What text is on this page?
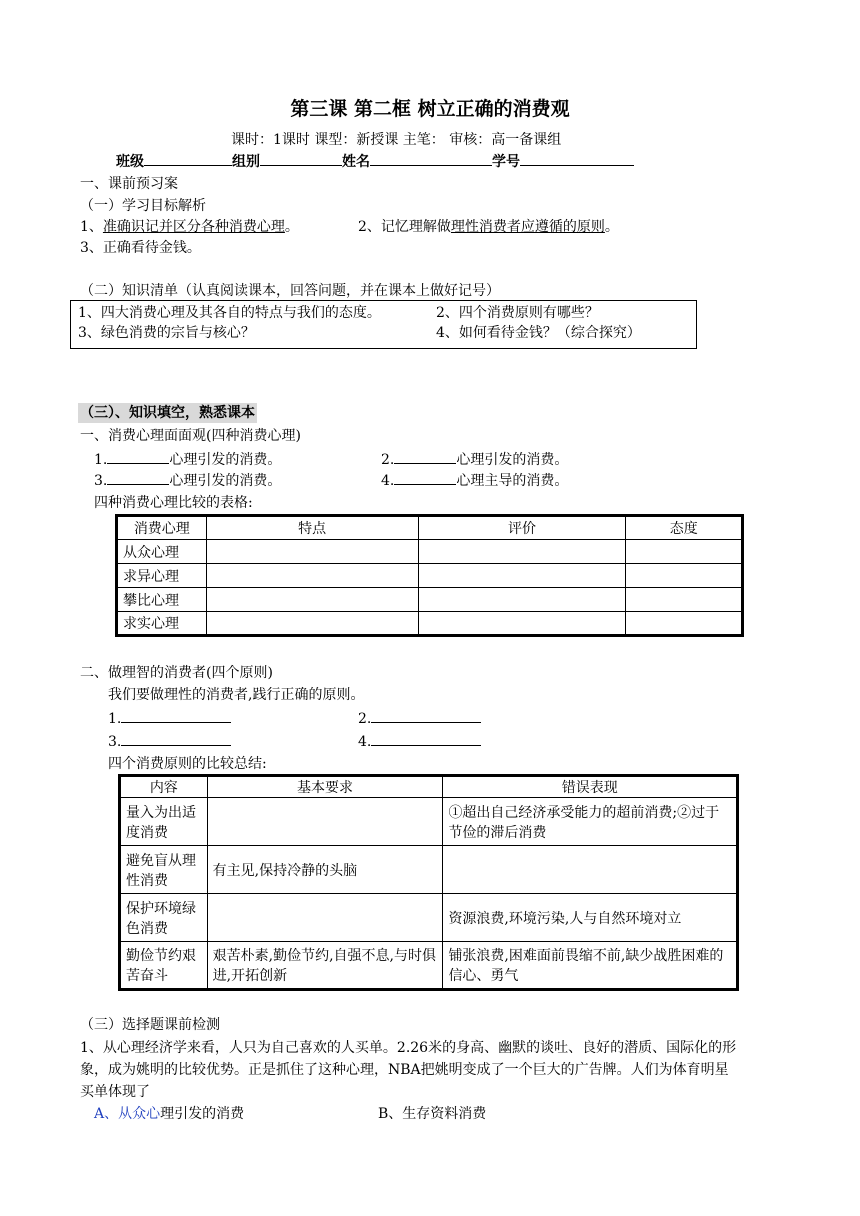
第三课 第二框 树立正确的消费观
课时：1课时 课型：新授课 主笔： 审核：高一备课组
班级	组别	姓名	学号
一、课前预习案
（一）学习目标解析
1、准确识记并区分各种消费心理。	2、记忆理解做理性消费者应遵循的原则。
3、正确看待金钱。
（二）知识清单（认真阅读课本，回答问题，并在课本上做好记号）
1、四大消费心理及其各自的特点与我们的态度。	2、四个消费原则有哪些？
3、绿色消费的宗旨与核心？	4、如何看待金钱？（综合探究）
（三）、知识填空，熟悉课本
一、消费心理面面观(四种消费心理)
1.	心理引发的消费。	2.	心理引发的消费。
3.	心理引发的消费。	4.	心理主导的消费。
四种消费心理比较的表格:
消费心理	特点	评价	态度
从众心理			
求异心理			
攀比心理			
求实心理			
二、做理智的消费者(四个原则)
我们要做理性的消费者,践行正确的原则。
1.	2.
3.	4.
四个消费原则的比较总结:
内容	基本要求	错误表现
量入为出适度消费		①超出自己经济承受能力的超前消费;②过于节俭的滞后消费
避免盲从理性消费	有主见,保持冷静的头脑	
保护环境绿色消费		资源浪费,环境污染,人与自然环境对立
勤俭节约艰苦奋斗	艰苦朴素,勤俭节约,自强不息,与时俱进,开拓创新	铺张浪费,困难面前畏缩不前,缺少战胜困难的信心、勇气
（三）选择题课前检测
1、从心理经济学来看，人只为自己喜欢的人买单。2.26米的身高、幽默的谈吐、良好的潜质、国际化的形象，成为姚明的比较优势。正是抓住了这种心理，NBA把姚明变成了一个巨大的广告牌。人们为体育明星买单体现了
A、从众心理引发的消费	B、生存资料消费
